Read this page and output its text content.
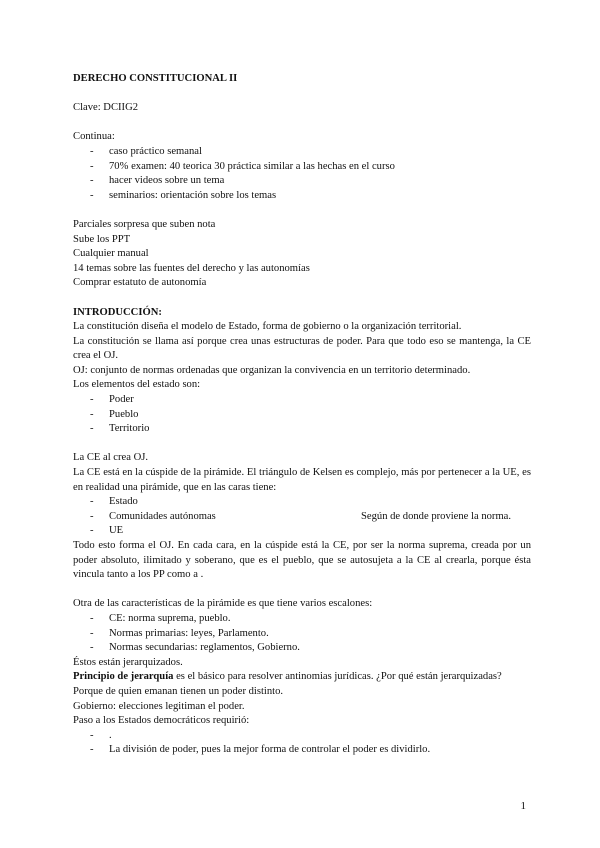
DERECHO CONSTITUCIONAL II

Clave: DCIIG2

Continua:

- caso práctico semanal
- 70% examen: 40 teorica 30 práctica similar a las hechas en el curso
- hacer videos sobre un tema
- seminarios: orientación sobre los temas

Parciales sorpresa que suben nota

Sube los PPT

Cualquier manual

14 temas sobre las fuentes del derecho y las autonomías

Comprar estatuto de autonomía

INTRODUCCIÓN:

La constitución diseña el modelo de Estado, forma de gobierno o la organización territorial.

La constitución se llama así porque crea unas estructuras de poder. Para que todo eso se mantenga, la CE crea el OJ.

OJ: conjunto de normas ordenadas que organizan la convivencia en un territorio determinado.

Los elementos del estado son:

- Poder
- Pueblo
- Territorio

La CE al crea OJ.

La CE está en la cúspide de la pirámide. El triángulo de Kelsen es complejo, más por pertenecer a la UE, es en realidad una pirámide, que en las caras tiene:

- Estado
- Comunidades autónomas	Según de donde proviene la norma.
- UE

Todo esto forma el OJ. En cada cara, en la cúspide está la CE, por ser la norma suprema, creada por un poder absoluto, ilimitado y soberano, que es el pueblo, que se autosujeta a la CE al crearla, porque ésta vincula tanto a los PP como a .

Otra de las características de la pirámide es que tiene varios escalones:

- CE: norma suprema, pueblo.
- Normas primarias: leyes, Parlamento.
- Normas secundarias: reglamentos, Gobierno.

Éstos están jerarquizados.

Principio de jerarquía es el básico para resolver antinomias jurídicas. ¿Por qué están jerarquizadas?

Porque de quien emanan tienen un poder distinto.

Gobierno: elecciones legitiman el poder.

Paso a los Estados democráticos requirió:

- .
- La división de poder, pues la mejor forma de controlar el poder es dividirlo.
1
